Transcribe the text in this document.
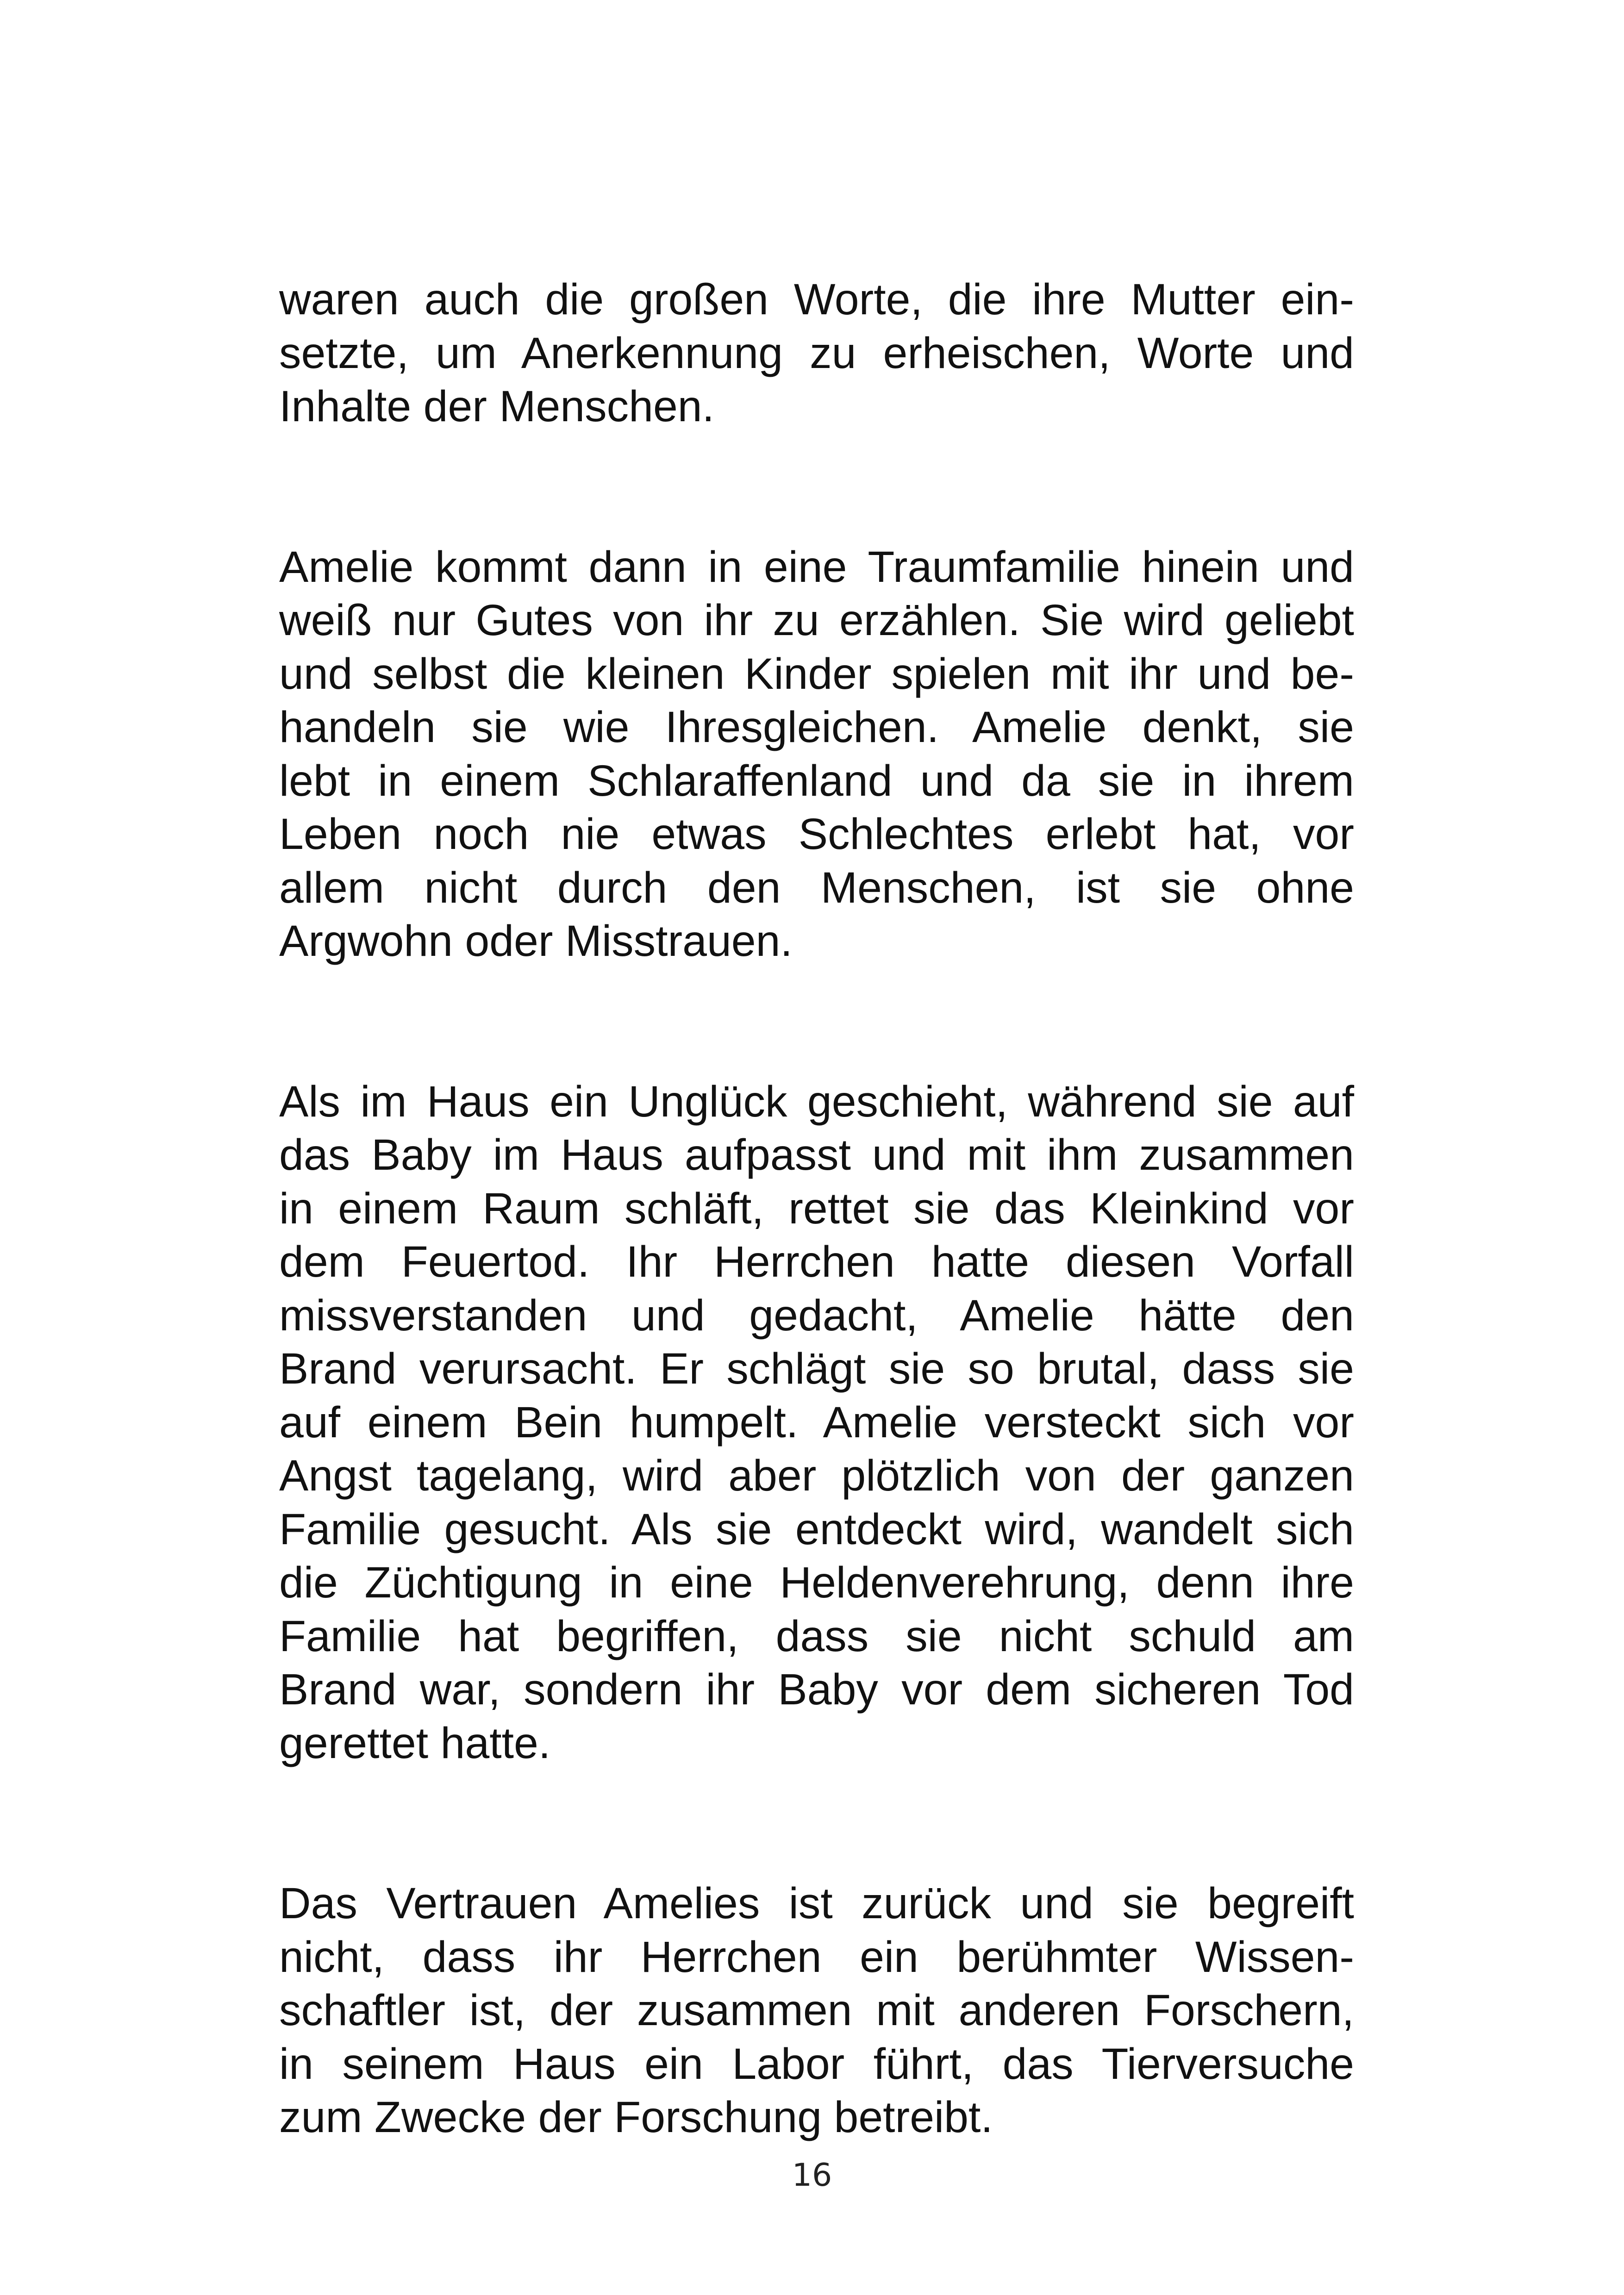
waren auch die großen Worte, die ihre Mutter ein-
setzte, um Anerkennung zu erheischen, Worte und
Inhalte der Menschen.

Amelie kommt dann in eine Traumfamilie hinein und
weiß nur Gutes von ihr zu erzählen. Sie wird geliebt
und selbst die kleinen Kinder spielen mit ihr und be-
handeln sie wie Ihresgleichen. Amelie denkt, sie
lebt in einem Schlaraffenland und da sie in ihrem
Leben noch nie etwas Schlechtes erlebt hat, vor
allem nicht durch den Menschen, ist sie ohne
Argwohn oder Misstrauen.

Als im Haus ein Unglück geschieht, während sie auf
das Baby im Haus aufpasst und mit ihm zusammen
in einem Raum schläft, rettet sie das Kleinkind vor
dem Feuertod. Ihr Herrchen hatte diesen Vorfall
missverstanden und gedacht, Amelie hätte den
Brand verursacht. Er schlägt sie so brutal, dass sie
auf einem Bein humpelt. Amelie versteckt sich vor
Angst tagelang, wird aber plötzlich von der ganzen
Familie gesucht. Als sie entdeckt wird, wandelt sich
die Züchtigung in eine Heldenverehrung, denn ihre
Familie hat begriffen, dass sie nicht schuld am
Brand war, sondern ihr Baby vor dem sicheren Tod
gerettet hatte.

Das Vertrauen Amelies ist zurück und sie begreift
nicht, dass ihr Herrchen ein berühmter Wissen-
schaftler ist, der zusammen mit anderen Forschern,
in seinem Haus ein Labor führt, das Tierversuche
zum Zwecke der Forschung betreibt.

16
